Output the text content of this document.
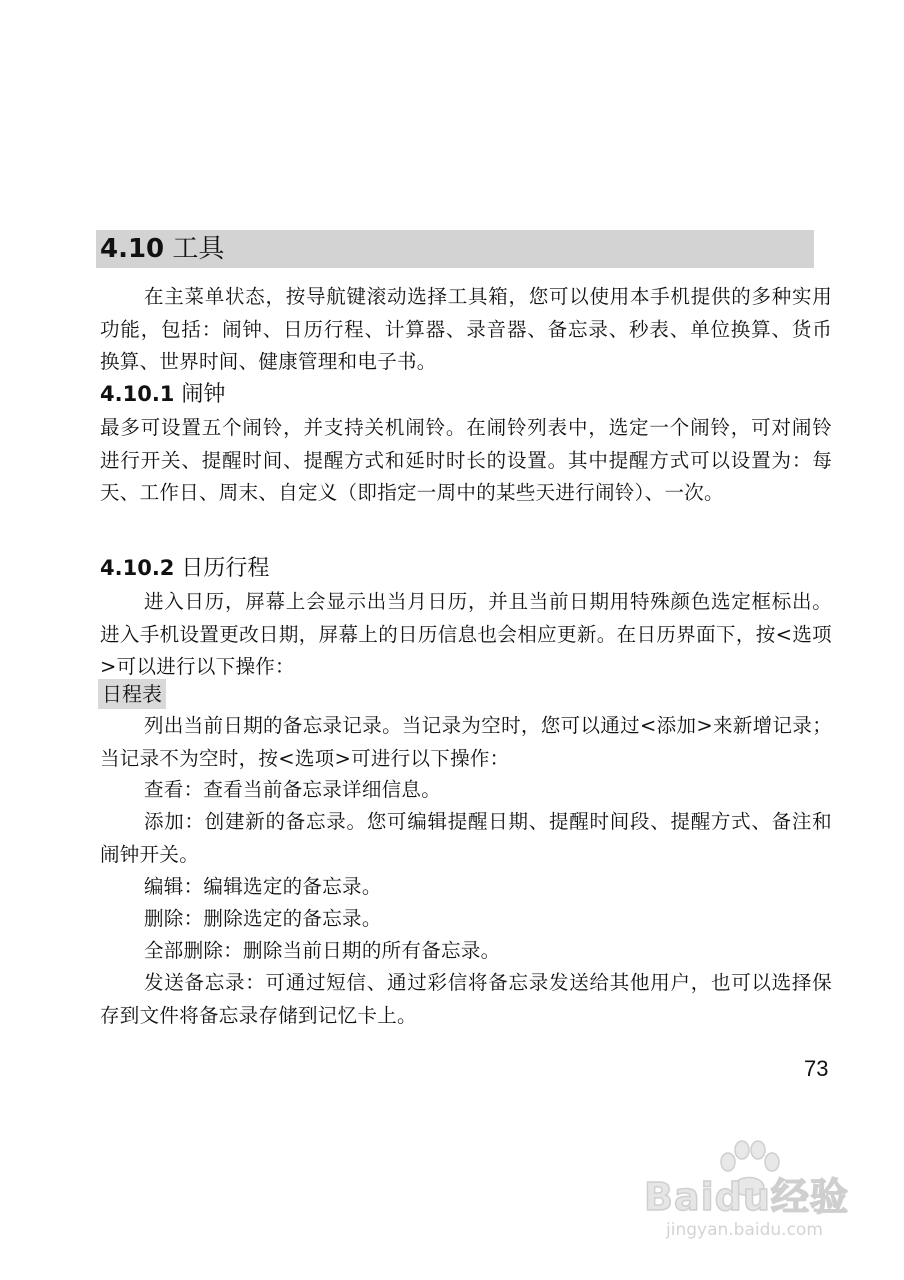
4.10 工具
在主菜单状态，按导航键滚动选择工具箱，您可以使用本手机提供的多种实用功能，包括：闹钟、日历行程、计算器、录音器、备忘录、秒表、单位换算、货币换算、世界时间、健康管理和电子书。
4.10.1 闹钟
最多可设置五个闹铃，并支持关机闹铃。在闹铃列表中，选定一个闹铃，可对闹铃进行开关、提醒时间、提醒方式和延时时长的设置。其中提醒方式可以设置为：每天、工作日、周末、自定义（即指定一周中的某些天进行闹铃）、一次。
4.10.2 日历行程
进入日历，屏幕上会显示出当月日历，并且当前日期用特殊颜色选定框标出。进入手机设置更改日期，屏幕上的日历信息也会相应更新。在日历界面下，按<选项>可以进行以下操作：
日程表
列出当前日期的备忘录记录。当记录为空时，您可以通过<添加>来新增记录；当记录不为空时，按<选项>可进行以下操作：
查看：查看当前备忘录详细信息。
添加：创建新的备忘录。您可编辑提醒日期、提醒时间段、提醒方式、备注和闹钟开关。
编辑：编辑选定的备忘录。
删除：删除选定的备忘录。
全部删除：删除当前日期的所有备忘录。
发送备忘录：可通过短信、通过彩信将备忘录发送给其他用户，也可以选择保存到文件将备忘录存储到记忆卡上。
73
Baidu经验
jingyan.baidu.com
